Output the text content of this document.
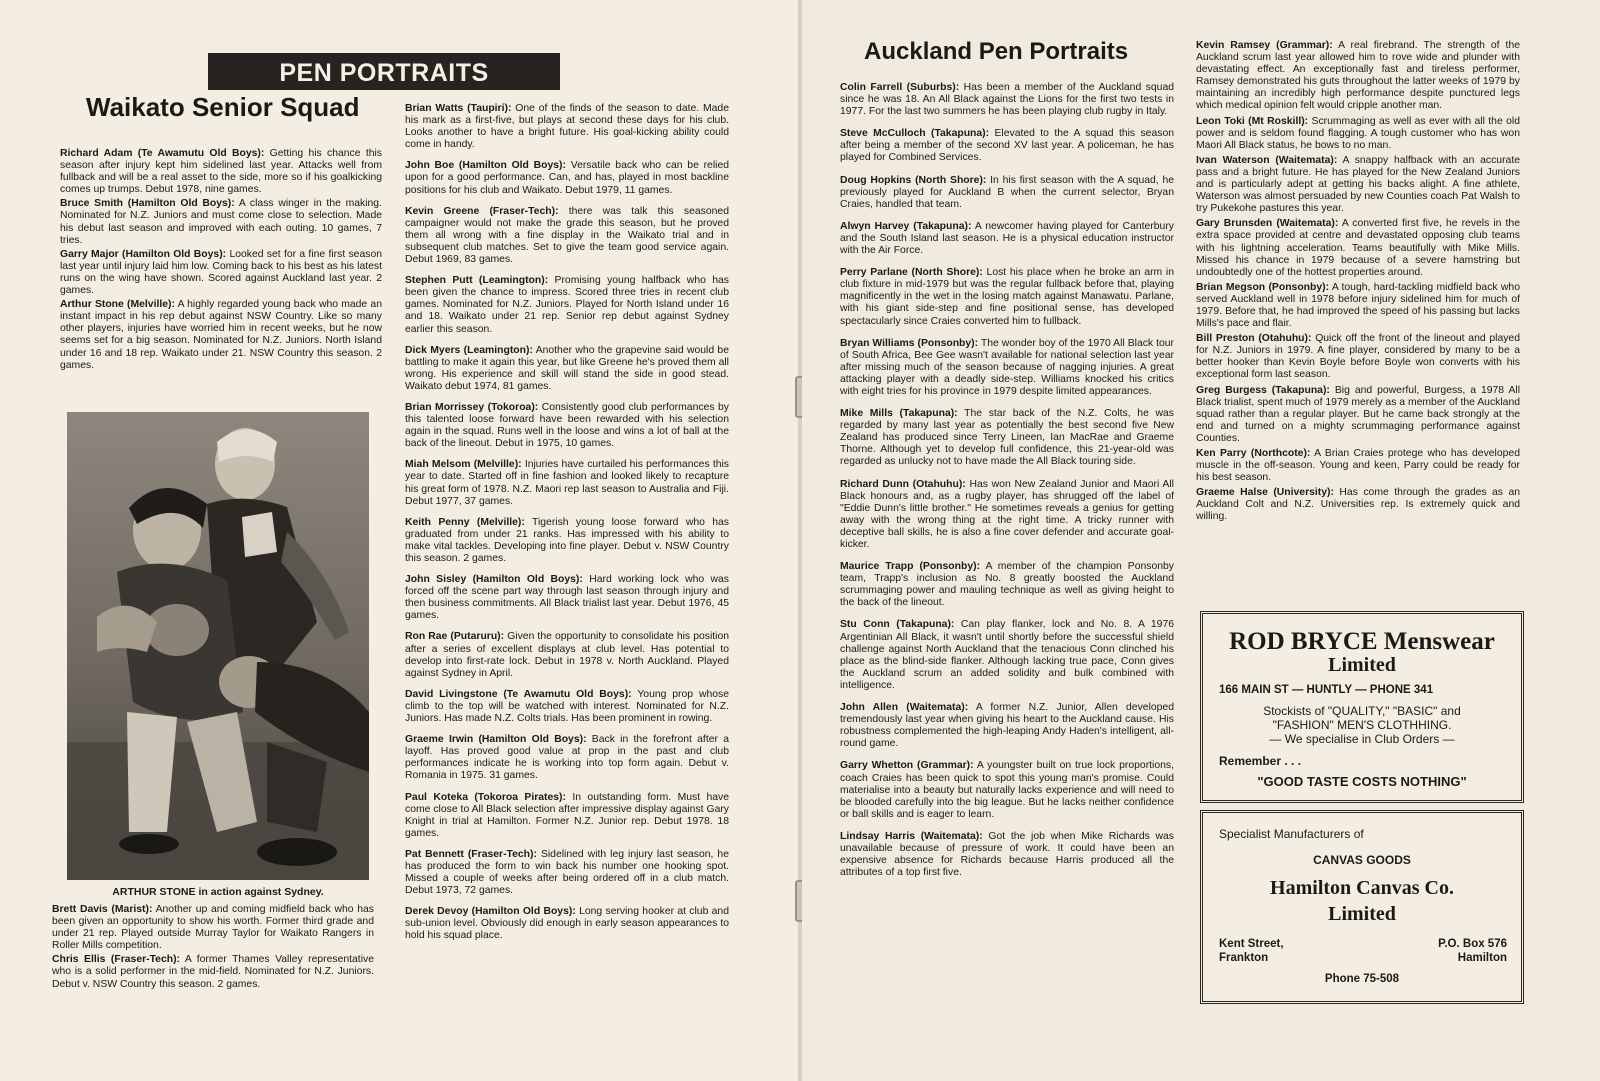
PEN PORTRAITS
Waikato Senior Squad
Richard Adam (Te Awamutu Old Boys): Getting his chance this season after injury kept him sidelined last year. Attacks well from fullback and will be a real asset to the side, more so if his goalkicking comes up trumps. Debut 1978, nine games.
Bruce Smith (Hamilton Old Boys): A class winger in the making. Nominated for N.Z. Juniors and must come close to selection. Made his debut last season and improved with each outing. 10 games, 7 tries.
Garry Major (Hamilton Old Boys): Looked set for a fine first season last year until injury laid him low. Coming back to his best as his latest runs on the wing have shown. Scored against Auckland last year. 2 games.
Arthur Stone (Melville): A highly regarded young back who made an instant impact in his rep debut against NSW Country. Like so many other players, injuries have worried him in recent weeks, but he now seems set for a big season. Nominated for N.Z. Juniors. North Island under 16 and 18 rep. Waikato under 21. NSW Country this season. 2 games.
ARTHUR STONE in action against Sydney.
Brett Davis (Marist): Another up and coming midfield back who has been given an opportunity to show his worth. Former third grade and under 21 rep. Played outside Murray Taylor for Waikato Rangers in Roller Mills competition.
Chris Ellis (Fraser-Tech): A former Thames Valley representative who is a solid performer in the mid-field. Nominated for N.Z. Juniors. Debut v. NSW Country this season. 2 games.
Brian Watts (Taupiri): One of the finds of the season to date. Made his mark as a first-five, but plays at second these days for his club. Looks another to have a bright future. His goal-kicking ability could come in handy.
John Boe (Hamilton Old Boys): Versatile back who can be relied upon for a good performance. Can, and has, played in most backline positions for his club and Waikato. Debut 1979, 11 games.
Kevin Greene (Fraser-Tech): there was talk this seasoned campaigner would not make the grade this season, but he proved them all wrong with a fine display in the Waikato trial and in subsequent club matches. Set to give the team good service again. Debut 1969, 83 games.
Stephen Putt (Leamington): Promising young halfback who has been given the chance to impress. Scored three tries in recent club games. Nominated for N.Z. Juniors. Played for North Island under 16 and 18. Waikato under 21 rep. Senior rep debut against Sydney earlier this season.
Dick Myers (Leamington): Another who the grapevine said would be battling to make it again this year, but like Greene he's proved them all wrong. His experience and skill will stand the side in good stead. Waikato debut 1974, 81 games.
Brian Morrissey (Tokoroa): Consistently good club performances by this talented loose forward have been rewarded with his selection again in the squad. Runs well in the loose and wins a lot of ball at the back of the lineout. Debut in 1975, 10 games.
Miah Melsom (Melville): Injuries have curtailed his performances this year to date. Started off in fine fashion and looked likely to recapture his great form of 1978. N.Z. Maori rep last season to Australia and Fiji. Debut 1977, 37 games.
Keith Penny (Melville): Tigerish young loose forward who has graduated from under 21 ranks. Has impressed with his ability to make vital tackles. Developing into fine player. Debut v. NSW Country this season. 2 games.
John Sisley (Hamilton Old Boys): Hard working lock who was forced off the scene part way through last season through injury and then business commitments. All Black trialist last year. Debut 1976, 45 games.
Ron Rae (Putaruru): Given the opportunity to consolidate his position after a series of excellent displays at club level. Has potential to develop into first-rate lock. Debut in 1978 v. North Auckland. Played against Sydney in April.
David Livingstone (Te Awamutu Old Boys): Young prop whose climb to the top will be watched with interest. Nominated for N.Z. Juniors. Has made N.Z. Colts trials. Has been prominent in rowing.
Graeme Irwin (Hamilton Old Boys): Back in the forefront after a layoff. Has proved good value at prop in the past and club performances indicate he is working into top form again. Debut v. Romania in 1975. 31 games.
Paul Koteka (Tokoroa Pirates): In outstanding form. Must have come close to All Black selection after impressive display against Gary Knight in trial at Hamilton. Former N.Z. Junior rep. Debut 1978. 18 games.
Pat Bennett (Fraser-Tech): Sidelined with leg injury last season, he has produced the form to win back his number one hooking spot. Missed a couple of weeks after being ordered off in a club match. Debut 1973, 72 games.
Derek Devoy (Hamilton Old Boys): Long serving hooker at club and sub-union level. Obviously did enough in early season appearances to hold his squad place.
Auckland Pen Portraits
Colin Farrell (Suburbs): Has been a member of the Auckland squad since he was 18. An All Black against the Lions for the first two tests in 1977. For the last two summers he has been playing club rugby in Italy.
Steve McCulloch (Takapuna): Elevated to the A squad this season after being a member of the second XV last year. A policeman, he has played for Combined Services.
Doug Hopkins (North Shore): In his first season with the A squad, he previously played for Auckland B when the current selector, Bryan Craies, handled that team.
Alwyn Harvey (Takapuna): A newcomer having played for Canterbury and the South Island last season. He is a physical education instructor with the Air Force.
Perry Parlane (North Shore): Lost his place when he broke an arm in club fixture in mid-1979 but was the regular fullback before that, playing magnificently in the wet in the losing match against Manawatu. Parlane, with his giant side-step and fine positional sense, has developed spectacularly since Craies converted him to fullback.
Bryan Williams (Ponsonby): The wonder boy of the 1970 All Black tour of South Africa, Bee Gee wasn't available for national selection last year after missing much of the season because of nagging injuries. A great attacking player with a deadly side-step. Williams knocked his critics with eight tries for his province in 1979 despite limited appearances.
Mike Mills (Takapuna): The star back of the N.Z. Colts, he was regarded by many last year as potentially the best second five New Zealand has produced since Terry Lineen, Ian MacRae and Graeme Thorne. Although yet to develop full confidence, this 21-year-old was regarded as unlucky not to have made the All Black touring side.
Richard Dunn (Otahuhu): Has won New Zealand Junior and Maori All Black honours and, as a rugby player, has shrugged off the label of "Eddie Dunn's little brother." He sometimes reveals a genius for getting away with the wrong thing at the right time. A tricky runner with deceptive ball skills, he is also a fine cover defender and accurate goal-kicker.
Maurice Trapp (Ponsonby): A member of the champion Ponsonby team, Trapp's inclusion as No. 8 greatly boosted the Auckland scrummaging power and mauling technique as well as giving height to the back of the lineout.
Stu Conn (Takapuna): Can play flanker, lock and No. 8. A 1976 Argentinian All Black, it wasn't until shortly before the successful shield challenge against North Auckland that the tenacious Conn clinched his place as the blind-side flanker. Although lacking true pace, Conn gives the Auckland scrum an added solidity and bulk combined with intelligence.
John Allen (Waitemata): A former N.Z. Junior, Allen developed tremendously last year when giving his heart to the Auckland cause. His robustness complemented the high-leaping Andy Haden's intelligent, all-round game.
Garry Whetton (Grammar): A youngster built on true lock proportions, coach Craies has been quick to spot this young man's promise. Could materialise into a beauty but naturally lacks experience and will need to be blooded carefully into the big league. But he lacks neither confidence or ball skills and is eager to learn.
Lindsay Harris (Waitemata): Got the job when Mike Richards was unavailable because of pressure of work. It could have been an expensive absence for Richards because Harris produced all the attributes of a top first five.
Kevin Ramsey (Grammar): A real firebrand. The strength of the Auckland scrum last year allowed him to rove wide and plunder with devastating effect. An exceptionally fast and tireless performer, Ramsey demonstrated his guts throughout the latter weeks of 1979 by maintaining an incredibly high performance despite punctured legs which medical opinion felt would cripple another man.
Leon Toki (Mt Roskill): Scrummaging as well as ever with all the old power and is seldom found flagging. A tough customer who has won Maori All Black status, he bows to no man.
Ivan Waterson (Waitemata): A snappy halfback with an accurate pass and a bright future. He has played for the New Zealand Juniors and is particularly adept at getting his backs alight. A fine athlete, Waterson was almost persuaded by new Counties coach Pat Walsh to try Pukekohe pastures this year.
Gary Brunsden (Waitemata): A converted first five, he revels in the extra space provided at centre and devastated opposing club teams with his lightning acceleration. Teams beautifully with Mike Mills. Missed his chance in 1979 because of a severe hamstring but undoubtedly one of the hottest properties around.
Brian Megson (Ponsonby): A tough, hard-tackling midfield back who served Auckland well in 1978 before injury sidelined him for much of 1979. Before that, he had improved the speed of his passing but lacks Mills's pace and flair.
Bill Preston (Otahuhu): Quick off the front of the lineout and played for N.Z. Juniors in 1979. A fine player, considered by many to be a better hooker than Kevin Boyle before Boyle won converts with his exceptional form last season.
Greg Burgess (Takapuna): Big and powerful, Burgess, a 1978 All Black trialist, spent much of 1979 merely as a member of the Auckland squad rather than a regular player. But he came back strongly at the end and turned on a mighty scrummaging performance against Counties.
Ken Parry (Northcote): A Brian Craies protege who has developed muscle in the off-season. Young and keen, Parry could be ready for his best season.
Graeme Halse (University): Has come through the grades as an Auckland Colt and N.Z. Universities rep. Is extremely quick and willing.
ROD BRYCE Menswear
Limited
166 MAIN ST — HUNTLY — PHONE 341
Stockists of "QUALITY," "BASIC" and
"FASHION" MEN'S CLOTHHING.
— We specialise in Club Orders —
Remember . . .
"GOOD TASTE COSTS NOTHING"
Specialist Manufacturers of
CANVAS GOODS
Hamilton Canvas Co.
Limited
Kent Street,
Frankton
P.O. Box 576
Hamilton
Phone 75-508
